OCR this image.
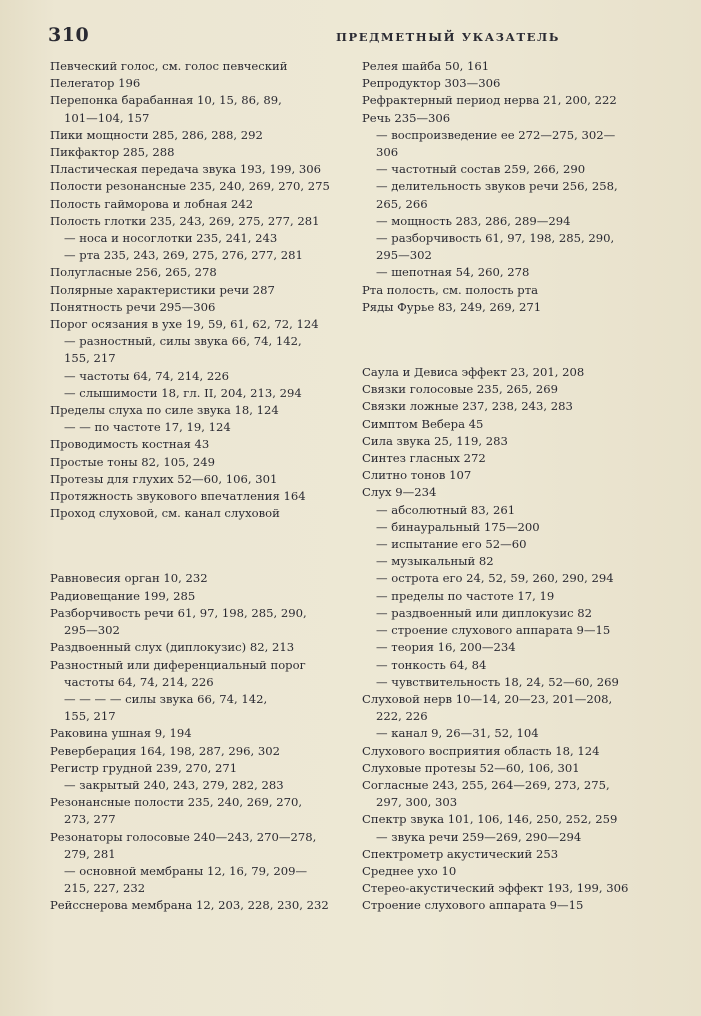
310	ПРЕДМЕТНЫЙ УКАЗАТЕЛЬ
Певческий голос, см. голос певческий
Пелеrатор 196
Перепонка барабанная 10, 15, 86, 89,
101—104, 157
Пики мощности 285, 286, 288, 292
Пикфактор 285, 288
Пластическая передача звука 193, 199, 306
Полости резонансные 235, 240, 269, 270, 275
Полость гайморова и лобная 242
Полость глотки 235, 243, 269, 275, 277, 281
— носа и носоглотки 235, 241, 243
— рта 235, 243, 269, 275, 276, 277, 281
Полугласные 256, 265, 278
Полярные характеристики речи 287
Понятность речи 295—306
Порог осязания в ухе 19, 59, 61, 62, 72, 124
— разностный, силы звука 66, 74, 142,
155, 217
— частоты 64, 74, 214, 226
— слышимости 18, гл. II, 204, 213, 294
Пределы слуха по силе звука 18, 124
— — по частоте 17, 19, 124
Проводимость костная 43
Простые тоны 82, 105, 249
Протезы для глухих 52—60, 106, 301
Протяжность звукового впечатления 164
Проход слуховой, см. канал слуховой
Равновесия орган 10, 232
Радиовещание 199, 285
Разборчивость речи 61, 97, 198, 285, 290,
295—302
Раздвоенный слух (диплокузис) 82, 213
Разностный или диференциальный порог
частоты 64, 74, 214, 226
— — — — силы звука 66, 74, 142,
155, 217
Раковина ушная 9, 194
Реверберация 164, 198, 287, 296, 302
Регистр грудной 239, 270, 271
— закрытый 240, 243, 279, 282, 283
Резонансные полости 235, 240, 269, 270,
273, 277
Резонаторы голосовые 240—243, 270—278,
279, 281
— основной мембраны 12, 16, 79, 209—
215, 227, 232
Рейсснерова мембрана 12, 203, 228, 230, 232
Релея шайба 50, 161
Репродуктор 303—306
Рефрактерный период нерва 21, 200, 222
Речь 235—306
— воспроизведение ее 272—275, 302—
306
— частотный состав 259, 266, 290
— делительность звуков речи 256, 258,
265, 266
— мощность 283, 286, 289—294
— разборчивость 61, 97, 198, 285, 290,
295—302
— шепотная 54, 260, 278
Рта полость, см. полость рта
Ряды Фурье 83, 249, 269, 271
Саула и Девиса эффект 23, 201, 208
Связки голосовые 235, 265, 269
Связки ложные 237, 238, 243, 283
Симптом Вебера 45
Сила звука 25, 119, 283
Синтез гласных 272
Слитно тонов 107
Слух 9—234
— абсолютный 83, 261
— бинауральный 175—200
— испытание его 52—60
— музыкальный 82
— острота его 24, 52, 59, 260, 290, 294
— пределы по частоте 17, 19
— раздвоенный или диплокузис 82
— строение слухового аппарата 9—15
— теория 16, 200—234
— тонкость 64, 84
— чувствительность 18, 24, 52—60, 269
Слуховой нерв 10—14, 20—23, 201—208,
222, 226
— канал 9, 26—31, 52, 104
Слухового восприятия область 18, 124
Слуховые протезы 52—60, 106, 301
Согласные 243, 255, 264—269, 273, 275,
297, 300, 303
Спектр звука 101, 106, 146, 250, 252, 259
— звука речи 259—269, 290—294
Спектрометр акустический 253
Среднее ухо 10
Стерео-акустический эффект 193, 199, 306
Строение слухового аппарата 9—15
